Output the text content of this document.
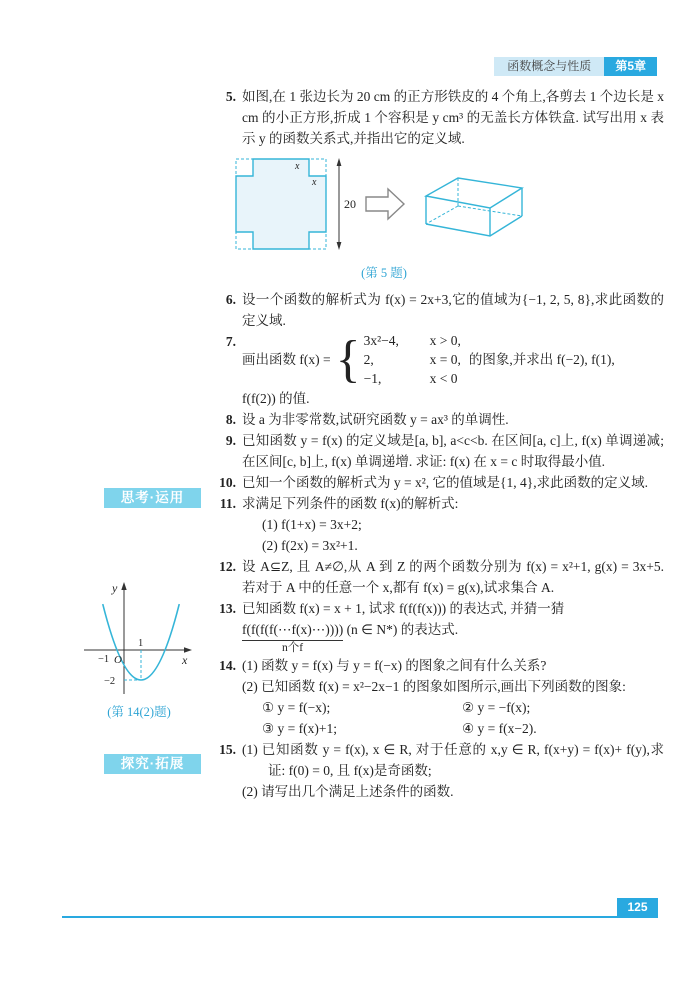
函数概念与性质	第5章
思考·运用
探究·拓展
y
x
O
−1
1
−2
(第 14(2)题)
5. 如图,在 1 张边长为 20 cm 的正方形铁皮的 4 个角上,各剪去 1 个边长是 x cm 的小正方形,折成 1 个容积是 y cm³ 的无盖长方体铁盒. 试写出用 x 表示 y 的函数关系式,并指出它的定义域.
x
x
20
(第 5 题)
6. 设一个函数的解析式为 f(x) = 2x+3,它的值域为{−1, 2, 5, 8},求此函数的定义域.
7.
画出函数 f(x) = { 3x²−4,	x > 0,
2,	x = 0,
−1,	x < 0
的图象,并求出 f(−2), f(1),
f(f(2)) 的值.
8. 设 a 为非零常数,试研究函数 y = ax³ 的单调性.
9. 已知函数 y = f(x) 的定义域是[a, b], a<c<b. 在区间[a, c]上, f(x) 单调递减;在区间[c, b]上, f(x) 单调递增. 求证: f(x) 在 x = c 时取得最小值.
10. 已知一个函数的解析式为 y = x², 它的值域是{1, 4},求此函数的定义域.
11. 求满足下列条件的函数 f(x)的解析式:
(1) f(1+x) = 3x+2;
(2) f(2x) = 3x²+1.
12. 设 A⊆Z, 且 A≠∅,从 A 到 Z 的两个函数分别为 f(x) = x²+1, g(x) = 3x+5. 若对于 A 中的任意一个 x,都有 f(x) = g(x),试求集合 A.
13. 已知函数 f(x) = x + 1, 试求 f(f(f(x))) 的表达式, 并猜一猜
f(f(f(f(⋯f(x)⋯))))
n个f
(n ∈ N*) 的表达式.
14. (1) 函数 y = f(x) 与 y = f(−x) 的图象之间有什么关系?
(2) 已知函数 f(x) = x²−2x−1 的图象如图所示,画出下列函数的图象:
① y = f(−x);	② y = −f(x);
③ y = f(x)+1;	④ y = f(x−2).
15. (1) 已知函数 y = f(x), x ∈ R, 对于任意的 x,y ∈ R, f(x+y) = f(x)+ f(y),求证: f(0) = 0, 且 f(x)是奇函数;
(2) 请写出几个满足上述条件的函数.
125
